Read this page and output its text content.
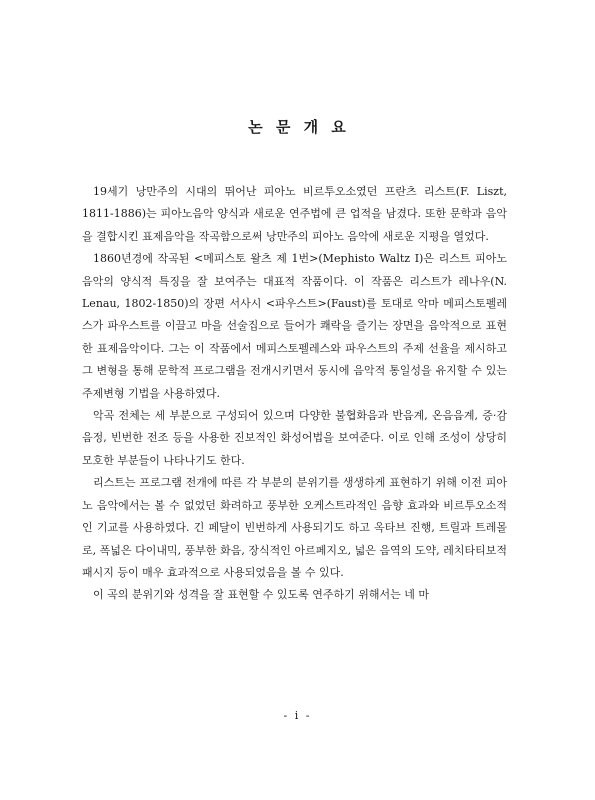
논 문 개 요

19세기 낭만주의 시대의 뛰어난 피아노 비르투오소였던 프란츠 리스트(F. Liszt, 1811-1886)는 피아노음악 양식과 새로운 연주법에 큰 업적을 남겼다. 또한 문학과 음악을 결합시킨 표제음악을 작곡함으로써 낭만주의 피아노 음악에 새로운 지평을 열었다.

1860년경에 작곡된 <메피스토 왈츠 제 1번>(Mephisto Waltz I)은 리스트 피아노 음악의 양식적 특징을 잘 보여주는 대표적 작품이다. 이 작품은 리스트가 레나우(N. Lenau, 1802-1850)의 장편 서사시 <파우스트>(Faust)를 토대로 악마 메피스토펠레스가 파우스트를 이끌고 마을 선술집으로 들어가 쾌락을 즐기는 장면을 음악적으로 표현한 표제음악이다. 그는 이 작품에서 메피스토펠레스와 파우스트의 주제 선율을 제시하고 그 변형을 통해 문학적 프로그램을 전개시키면서 동시에 음악적 통일성을 유지할 수 있는 주제변형 기법을 사용하였다.

악곡 전체는 세 부분으로 구성되어 있으며 다양한 불협화음과 반음계, 온음음계, 증·감음정, 빈번한 전조 등을 사용한 진보적인 화성어법을 보여준다. 이로 인해 조성이 상당히 모호한 부분들이 나타나기도 한다.

리스트는 프로그램 전개에 따른 각 부분의 분위기를 생생하게 표현하기 위해 이전 피아노 음악에서는 볼 수 없었던 화려하고 풍부한 오케스트라적인 음향 효과와 비르투오소적인 기교를 사용하였다. 긴 페달이 빈번하게 사용되기도 하고 옥타브 진행, 트릴과 트레몰로, 폭넓은 다이내믹, 풍부한 화음, 장식적인 아르페지오, 넓은 음역의 도약, 레치타티보적 패시지 등이 매우 효과적으로 사용되었음을 볼 수 있다.

이 곡의 분위기와 성격을 잘 표현할 수 있도록 연주하기 위해서는 네 마

- i -
